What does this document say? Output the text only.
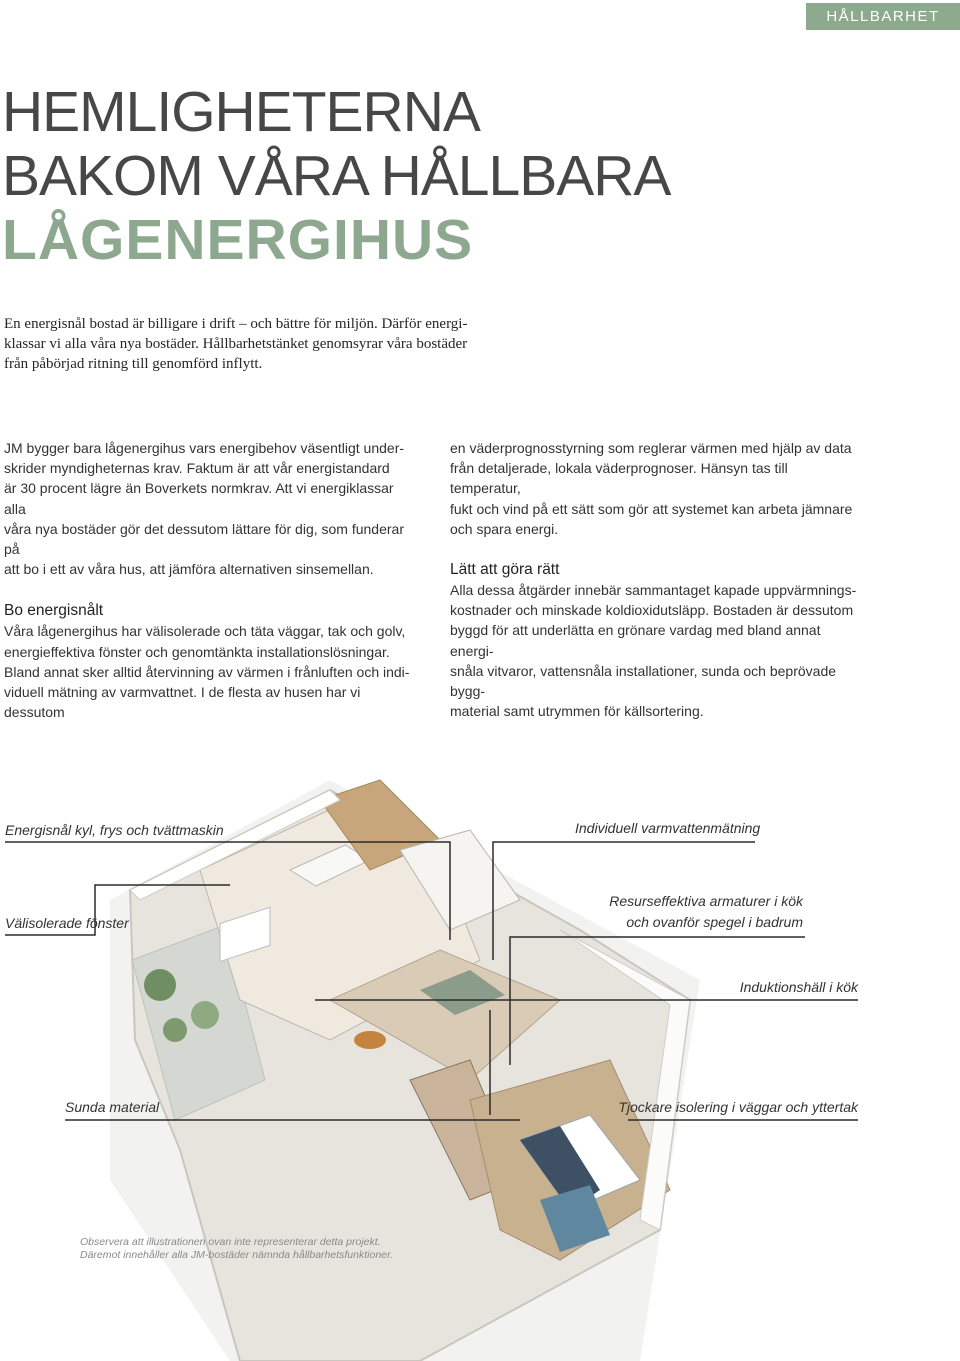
HÅLLBARHET
HEMLIGHETERNA
BAKOM VÅRA HÅLLBARA
LÅGENERGIHUS
En energisnål bostad är billigare i drift – och bättre för miljön. Därför energi-
klassar vi alla våra nya bostäder. Hållbarhetstänket genomsyrar våra bostäder
från påbörjad ritning till genomförd inflytt.

JM bygger bara lågenergihus vars energibehov väsentligt under-
skrider myndigheternas krav. Faktum är att vår energistandard
är 30 procent lägre än Boverkets normkrav. Att vi energiklassar alla
våra nya bostäder gör det dessutom lättare för dig, som funderar på
att bo i ett av våra hus, att jämföra alternativen sinsemellan.

Bo energisnålt

Våra lågenergihus har välisolerade och täta väggar, tak och golv,
energieffektiva fönster och genomtänkta installationslösningar.
Bland annat sker alltid återvinning av värmen i frånluften och indi-
viduell mätning av varmvattnet. I de flesta av husen har vi dessutom

en väderprognosstyrning som reglerar värmen med hjälp av data
från detaljerade, lokala väderprognoser. Hänsyn tas till temperatur,
fukt och vind på ett sätt som gör att systemet kan arbeta jämnare
och spara energi.

Lätt att göra rätt

Alla dessa åtgärder innebär sammantaget kapade uppvärmnings-
kostnader och minskade koldioxidutsläpp. Bostaden är dessutom
byggd för att underlätta en grönare vardag med bland annat energi-
snåla vitvaror, vattensnåla installationer, sunda och beprövade bygg-
material samt utrymmen för källsortering.

Energisnål kyl, frys och tvättmaskin
Välisolerade fönster
Sunda material
Individuell varmvattenmätning
Resurseffektiva armaturer i kök
och ovanför spegel i badrum
Induktionshäll i kök
Tjockare isolering i väggar och yttertak
Observera att illustrationen ovan inte representerar detta projekt.
Däremot innehåller alla JM-bostäder nämnda hållbarhetsfunktioner.
